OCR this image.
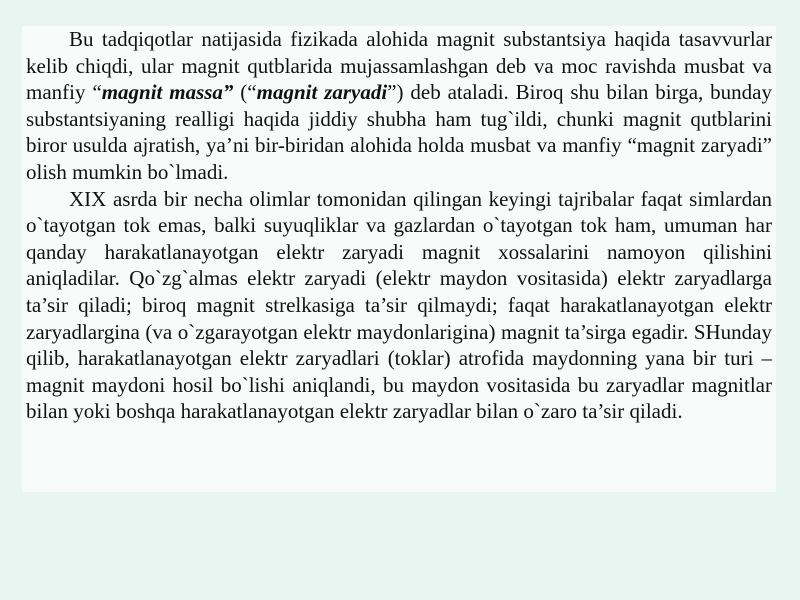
Bu tadqiqotlar natijasida fizikada alohida magnit substantsiya haqida tasavvurlar kelib chiqdi, ular magnit qutblarida mujassamlashgan deb va moc ravishda musbat va manfiy “magnit massa” (“magnit zaryadi”) deb ataladi. Biroq shu bilan birga, bunday substantsiyaning realligi haqida jiddiy shubha ham tug`ildi, chunki magnit qutblarini biror usulda ajratish, ya’ni bir-biridan alohida holda musbat va manfiy “magnit zaryadi” olish mumkin bo`lmadi.

XIX asrda bir necha olimlar tomonidan qilingan keyingi tajribalar faqat simlardan o`tayotgan tok emas, balki suyuqliklar va gazlardan o`tayotgan tok ham, umuman har qanday harakatlanayotgan elektr zaryadi magnit xossalarini namoyon qilishini aniqladilar. Qo`zg`almas elektr zaryadi (elektr maydon vositasida) elektr zaryadlarga ta’sir qiladi; biroq magnit strelkasiga ta’sir qilmaydi; faqat harakatlanayotgan elektr zaryadlargina (va o`zgarayotgan elektr maydonlarigina) magnit ta’sirga egadir. SHunday qilib, harakatlanayotgan elektr zaryadlari (toklar) atrofida maydonning yana bir turi – magnit maydoni hosil bo`lishi aniqlandi, bu maydon vositasida bu zaryadlar magnitlar bilan yoki boshqa harakatlanayotgan elektr zaryadlar bilan o`zaro ta’sir qiladi.
